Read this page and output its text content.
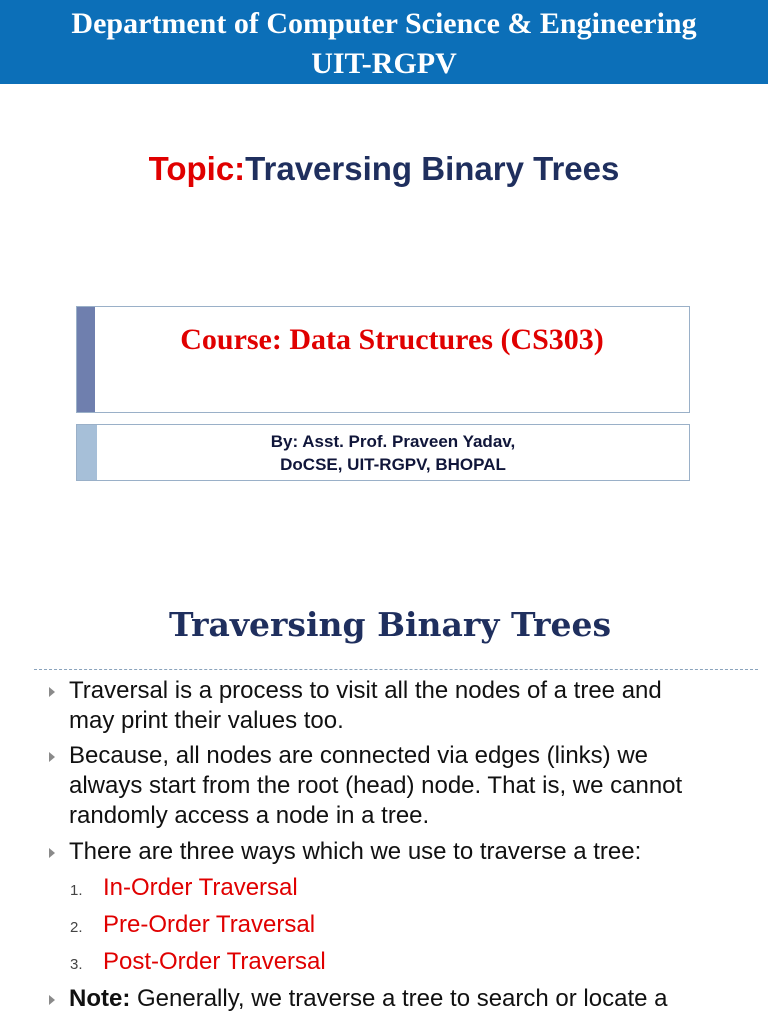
Department of Computer Science & Engineering
UIT-RGPV
Topic:Traversing Binary Trees
Course: Data Structures (CS303)
By: Asst. Prof. Praveen Yadav,
DoCSE, UIT-RGPV, BHOPAL
Traversing Binary Trees
Traversal is a process to visit all the nodes of a tree and
may print their values too.
Because, all nodes are connected via edges (links) we
always start from the root (head) node. That is, we cannot
randomly access a node in a tree.
There are three ways which we use to traverse a tree:
1. In-Order Traversal
2. Pre-Order Traversal
3. Post-Order Traversal
Note: Generally, we traverse a tree to search or locate a
